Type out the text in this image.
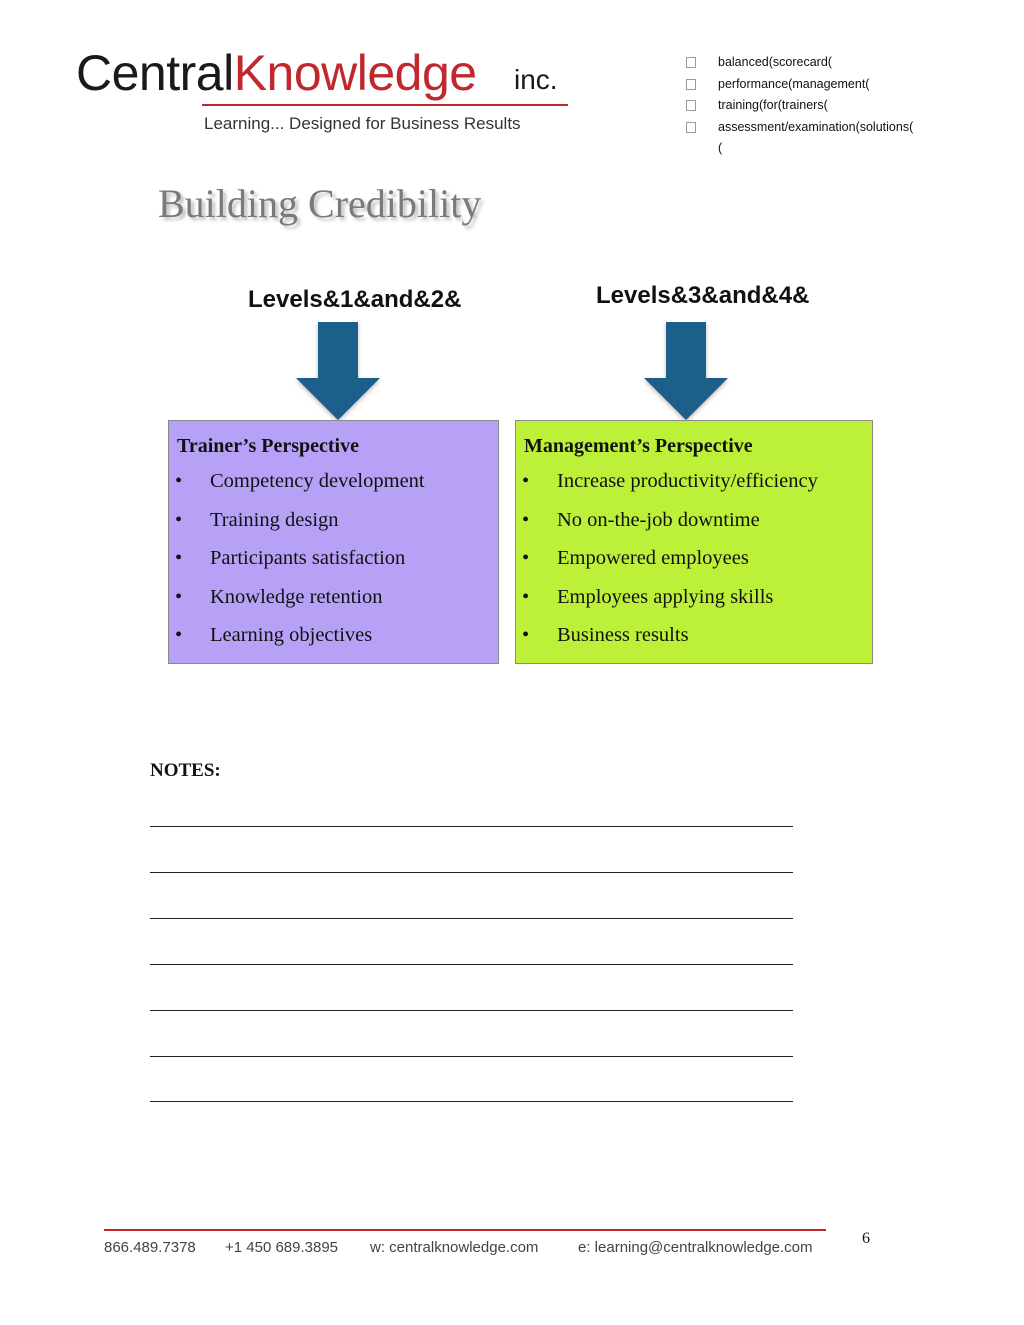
CentralKnowledge inc.
Learning... Designed for Business Results
balanced(scorecard(
performance(management(
training(for(trainers(
assessment/examination(solutions(
(
Building Credibility
Levels&1&and&2&	Levels&3&and&4&
Trainer’s Perspective
• Competency development
• Training design
• Participants satisfaction
• Knowledge retention
• Learning objectives
Management’s Perspective
• Increase productivity/efficiency
• No on-the-job downtime
• Empowered employees
• Employees applying skills
• Business results
NOTES:
866.489.7378 +1 450 689.3895 w: centralknowledge.com	e: learning@centralknowledge.com
6
